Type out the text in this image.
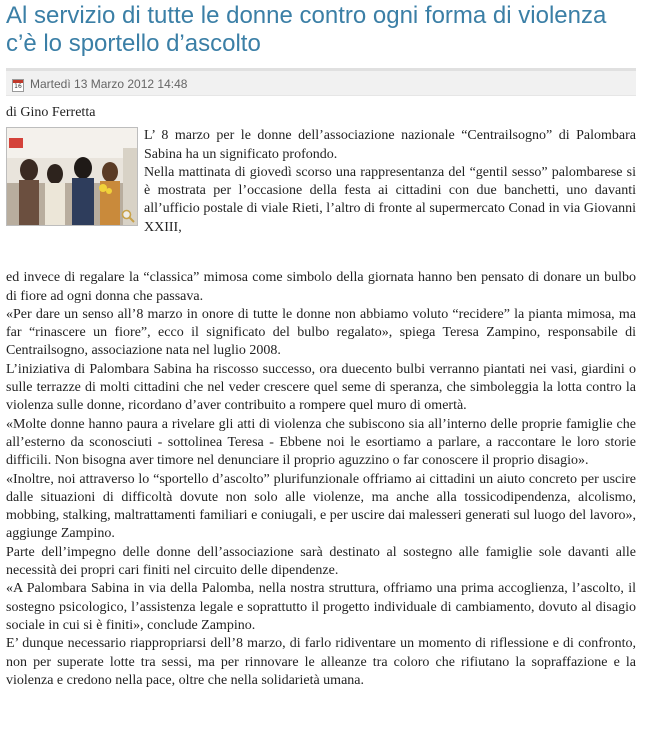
Al servizio di tutte le donne contro ogni forma di violenza c’è lo sportello d’ascolto
16 Martedì 13 Marzo 2012 14:48

di Gino Ferretta

L’ 8 marzo per le donne dell’associazione nazionale “Centrailsogno” di Palombara Sabina ha un significato profondo.

Nella mattinata di giovedì scorso una rappresentanza del “gentil sesso” palombarese si è mostrata per l’occasione della festa ai cittadini con due banchetti, uno davanti all’ufficio postale di viale Rieti, l’altro di fronte al supermercato Conad in via Giovanni XXIII,

ed invece di regalare la “classica” mimosa come simbolo della giornata hanno ben pensato di donare un bulbo di fiore ad ogni donna che passava.

«Per dare un senso all’8 marzo in onore di tutte le donne non abbiamo voluto “recidere” la pianta mimosa, ma far “rinascere un fiore”, ecco il significato del bulbo regalato», spiega Teresa Zampino, responsabile di Centrailsogno, associazione nata nel luglio 2008.

L’iniziativa di Palombara Sabina ha riscosso successo, ora duecento bulbi verranno piantati nei vasi, giardini o sulle terrazze di molti cittadini che nel veder crescere quel seme di speranza, che simboleggia la lotta contro la violenza sulle donne, ricordano d’aver contribuito a rompere quel muro di omertà.

«Molte donne hanno paura a rivelare gli atti di violenza che subiscono sia all’interno delle proprie famiglie che all’esterno da sconosciuti - sottolinea Teresa - Ebbene noi le esortiamo a parlare, a raccontare le loro storie difficili. Non bisogna aver timore nel denunciare il proprio aguzzino o far conoscere il proprio disagio».

«Inoltre, noi attraverso lo “sportello d’ascolto” plurifunzionale offriamo ai cittadini un aiuto concreto per uscire dalle situazioni di difficoltà dovute non solo alle violenze, ma anche alla tossicodipendenza, alcolismo, mobbing, stalking, maltrattamenti familiari e coniugali, e per uscire dai malesseri generati sul luogo del lavoro», aggiunge Zampino.

Parte dell’impegno delle donne dell’associazione sarà destinato al sostegno alle famiglie sole davanti alle necessità dei propri cari finiti nel circuito delle dipendenze.

«A Palombara Sabina in via della Palomba, nella nostra struttura, offriamo una prima accoglienza, l’ascolto, il sostegno psicologico, l’assistenza legale e soprattutto il progetto individuale di cambiamento, dovuto al disagio sociale in cui si è finiti», conclude Zampino.

E’ dunque necessario riappropriarsi dell’8 marzo, di farlo ridiventare un momento di riflessione e di confronto, non per superate lotte tra sessi, ma per rinnovare le alleanze tra coloro che rifiutano la sopraffazione e la violenza e credono nella pace, oltre che nella solidarietà umana.
